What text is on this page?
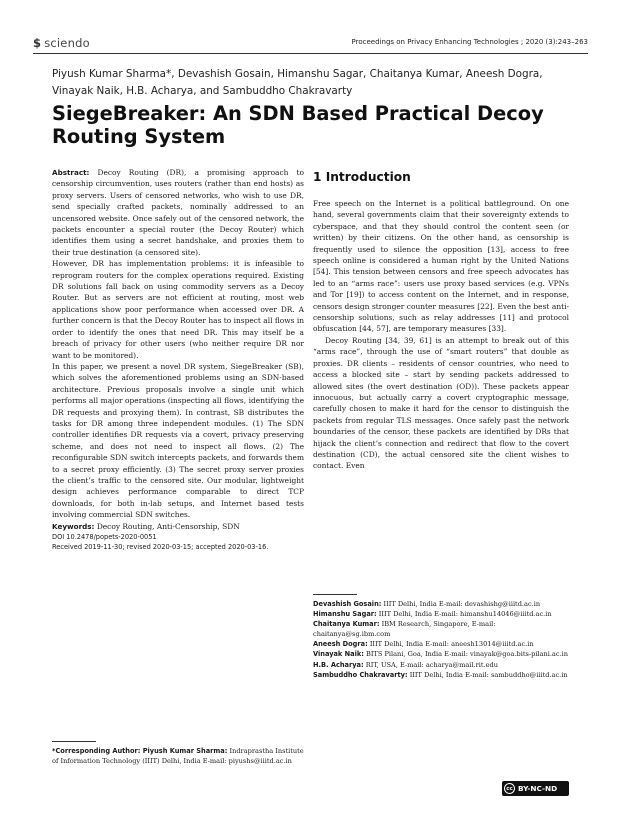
$ sciendo	Proceedings on Privacy Enhancing Technologies ; 2020 (3):243–263
Piyush Kumar Sharma*, Devashish Gosain, Himanshu Sagar, Chaitanya Kumar, Aneesh Dogra,
Vinayak Naik, H.B. Acharya, and Sambuddho Chakravarty
SiegeBreaker: An SDN Based Practical Decoy
Routing System

Abstract: Decoy Routing (DR), a promising approach to censorship circumvention, uses routers (rather than end hosts) as proxy servers. Users of censored networks, who wish to use DR, send specially crafted packets, nominally addressed to an uncensored website. Once safely out of the censored network, the packets encounter a special router (the Decoy Router) which identifies them using a secret handshake, and proxies them to their true destination (a censored site).

However, DR has implementation problems: it is infeasible to reprogram routers for the complex operations required. Existing DR solutions fall back on using commodity servers as a Decoy Router. But as servers are not efficient at routing, most web applications show poor performance when accessed over DR. A further concern is that the Decoy Router has to inspect all flows in order to identify the ones that need DR. This may itself be a breach of privacy for other users (who neither require DR nor want to be monitored).

In this paper, we present a novel DR system, SiegeBreaker (SB), which solves the aforementioned problems using an SDN-based architecture. Previous proposals involve a single unit which performs all major operations (inspecting all flows, identifying the DR requests and proxying them). In contrast, SB distributes the tasks for DR among three independent modules. (1) The SDN controller identifies DR requests via a covert, privacy preserving scheme, and does not need to inspect all flows. (2) The reconfigurable SDN switch intercepts packets, and forwards them to a secret proxy efficiently. (3) The secret proxy server proxies the client’s traffic to the censored site. Our modular, lightweight design achieves performance comparable to direct TCP downloads, for both in-lab setups, and Internet based tests involving commercial SDN switches.

Keywords: Decoy Routing, Anti-Censorship, SDN

DOI 10.2478/popets-2020-0051

Received 2019-11-30; revised 2020-03-15; accepted 2020-03-16.

*Corresponding Author: Piyush Kumar Sharma: Indraprastha Institute of Information Technology (IIIT) Delhi, India E-mail: piyushs@iiitd.ac.in
1 Introduction

Free speech on the Internet is a political battleground. On one hand, several governments claim that their sovereignty extends to cyberspace, and that they should control the content seen (or written) by their citizens. On the other hand, as censorship is frequently used to silence the opposition [13], access to free speech online is considered a human right by the United Nations [54]. This tension between censors and free speech advocates has led to an “arms race”: users use proxy based services (e.g. VPNs and Tor [19]) to access content on the Internet, and in response, censors design stronger counter measures [22]. Even the best anti-censorship solutions, such as relay addresses [11] and protocol obfuscation [44, 57], are temporary measures [33].

Decoy Routing [34, 39, 61] is an attempt to break out of this “arms race”, through the use of “smart routers” that double as proxies. DR clients – residents of censor countries, who need to access a blocked site – start by sending packets addressed to allowed sites (the overt destination (OD)). These packets appear innocuous, but actually carry a covert cryptographic message, carefully chosen to make it hard for the censor to distinguish the packets from regular TLS messages. Once safely past the network boundaries of the censor, these packets are identified by DRs that hijack the client’s connection and redirect that flow to the covert destination (CD), the actual censored site the client wishes to contact. Even

Devashish Gosain: IIIT Delhi, India E-mail: devashishg@iiitd.ac.in

Himanshu Sagar: IIIT Delhi, India E-mail: himanshu14046@iiitd.ac.in

Chaitanya Kumar: IBM Research, Singapore, E-mail: chaitanya@sg.ibm.com

Aneesh Dogra: IIIT Delhi, India E-mail: aneesh13014@iiitd.ac.in

Vinayak Naik: BITS Pilani, Goa, India E-mail: vinayak@goa.bits-pilani.ac.in

H.B. Acharya: RIT, USA, E-mail: acharya@mail.rit.edu

Sambuddho Chakravarty: IIIT Delhi, India E-mail: sambuddho@iiitd.ac.in

cc BY-NC-ND
